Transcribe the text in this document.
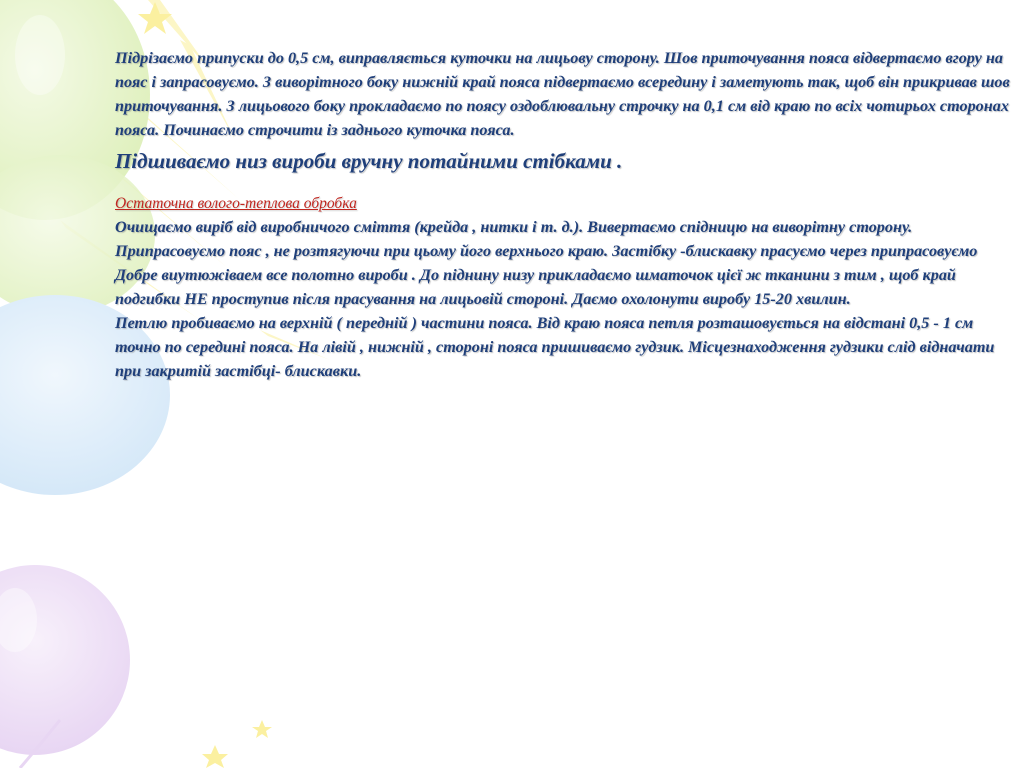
Підрізаємо припуски до 0,5 см, виправляється куточки на лицьову сторону. Шов приточування пояса відвертаємо вгору на пояс і запрасовуємо. З виворітного боку нижній край пояса підвертаємо всередину і заметують так, щоб він прикривав шов приточування. З лицьового боку прокладаємо по поясу оздоблювальну строчку на 0,1 см від краю по всіх чотирьох сторонах пояса. Починаємо строчити із заднього куточка пояса.

Підшиваємо низ вироби вручну потайними стібками .

Остаточна волого-теплова обробка

Очищаємо виріб від виробничого сміття (крейда , нитки і т. д.). Вивертаємо спідницю на виворітну сторону. Припрасовуємо пояс , не розтягуючи при цьому його верхнього краю. Застібку -блискавку прасуємо через припрасовуємо Добре виутюжіваем все полотно вироби . До піднину низу прикладаємо шматочок цієї ж тканини з тим , щоб край подгибки НЕ проступив після прасування на лицьовій стороні. Даємо охолонути виробу 15-20 хвилин.

Петлю пробиваємо на верхній ( передній ) частини пояса. Від краю пояса петля розташовується на відстані 0,5 - 1 см точно по середині пояса. На лівій , нижній , стороні пояса пришиваємо гудзик. Місцезнаходження гудзики слід відначати при закритій застібці- блискавки.
